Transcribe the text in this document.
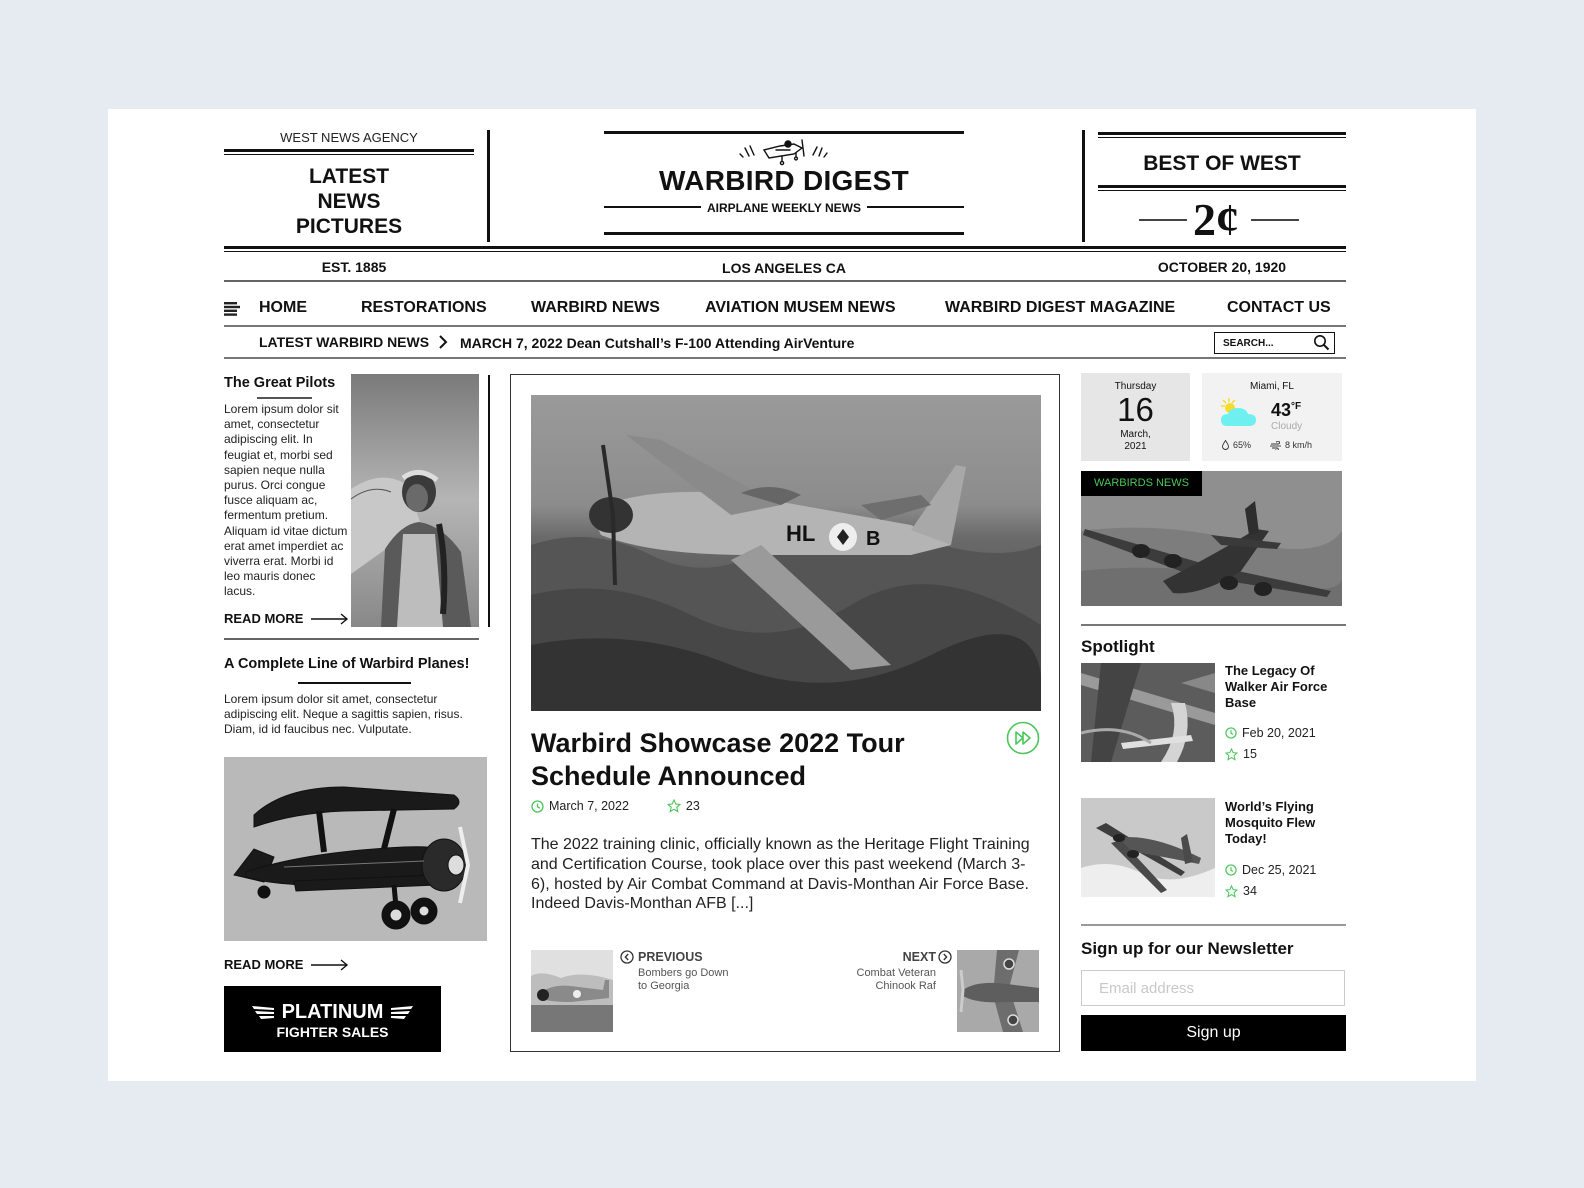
WEST NEWS AGENCY
LATEST
NEWS
PICTURES
WARBIRD DIGEST
AIRPLANE WEEKLY NEWS
BEST OF WEST
2¢
EST. 1885	LOS ANGELES CA	OCTOBER 20, 1920
HOME	RESTORATIONS	WARBIRD NEWS	AVIATION MUSEM NEWS	WARBIRD DIGEST MAGAZINE	CONTACT US
LATEST WARBIRD NEWS MARCH 7, 2022 Dean Cutshall’s F-100 Attending AirVenture
SEARCH...
The Great Pilots
Lorem ipsum dolor sit amet, consectetur adipiscing elit. In feugiat et, morbi sed sapien neque nulla purus. Orci congue fusce aliquam ac, fermentum pretium. Aliquam id vitae dictum erat amet imperdiet ac viverra erat. Morbi id leo mauris donec lacus.
READ MORE
A Complete Line of Warbird Planes!
Lorem ipsum dolor sit amet, consectetur adipiscing elit. Neque a sagittis sapien, risus. Diam, id id faucibus nec. Vulputate.
READ MORE
PLATINUM
FIGHTER SALES
HL	B
Warbird Showcase 2022 Tour Schedule Announced
March 7, 2022	23
The 2022 training clinic, officially known as the Heritage Flight Training and Certification Course, took place over this past weekend (March 3-6), hosted by Air Combat Command at Davis-Monthan Air Force Base. Indeed Davis-Monthan AFB [...]
PREVIOUS
Bombers go Down
to Georgia
NEXT
Combat Veteran
Chinook Raf
Thursday
16
March,
2021
Miami, FL
$43^{^\circ F}$
Cloudy
65%	8 km/h
WARBIRDS NEWS
Spotlight
The Legacy Of Walker Air Force Base
Feb 20, 2021
15
World’s Flying Mosquito Flew Today!
Dec 25, 2021
34
Sign up for our Newsletter
Email address
Sign up
